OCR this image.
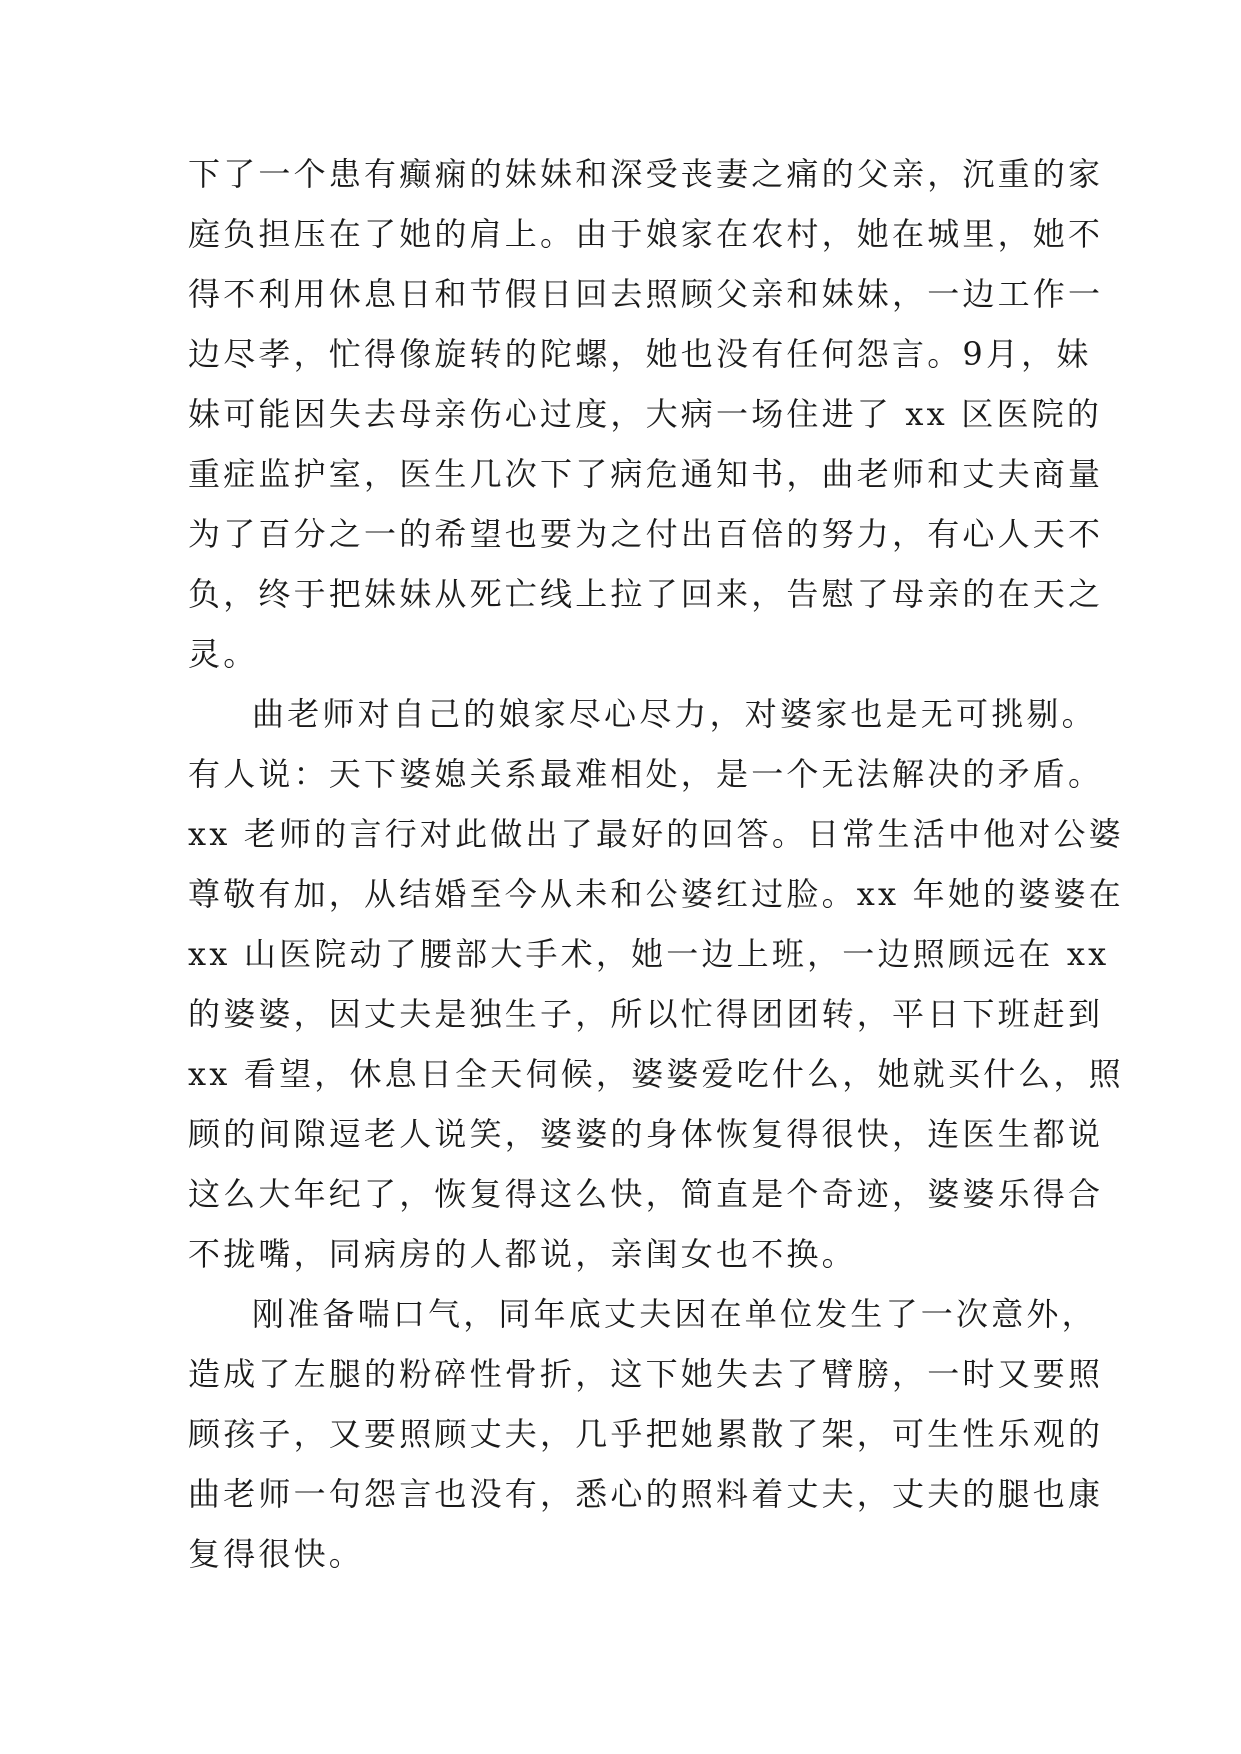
下了一个患有癫痫的妹妹和深受丧妻之痛的父亲，沉重的家
庭负担压在了她的肩上。由于娘家在农村，她在城里，她不
得不利用休息日和节假日回去照顾父亲和妹妹，一边工作一
边尽孝，忙得像旋转的陀螺，她也没有任何怨言。9月，妹
妹可能因失去母亲伤心过度，大病一场住进了 xx 区医院的
重症监护室，医生几次下了病危通知书，曲老师和丈夫商量
为了百分之一的希望也要为之付出百倍的努力，有心人天不
负，终于把妹妹从死亡线上拉了回来，告慰了母亲的在天之
灵。
曲老师对自己的娘家尽心尽力，对婆家也是无可挑剔。
有人说：天下婆媳关系最难相处，是一个无法解决的矛盾。
xx 老师的言行对此做出了最好的回答。日常生活中他对公婆
尊敬有加，从结婚至今从未和公婆红过脸。xx 年她的婆婆在
xx 山医院动了腰部大手术，她一边上班，一边照顾远在 xx
的婆婆，因丈夫是独生子，所以忙得团团转，平日下班赶到
xx 看望，休息日全天伺候，婆婆爱吃什么，她就买什么，照
顾的间隙逗老人说笑，婆婆的身体恢复得很快，连医生都说
这么大年纪了，恢复得这么快，简直是个奇迹，婆婆乐得合
不拢嘴，同病房的人都说，亲闺女也不换。
刚准备喘口气，同年底丈夫因在单位发生了一次意外，
造成了左腿的粉碎性骨折，这下她失去了臂膀，一时又要照
顾孩子，又要照顾丈夫，几乎把她累散了架，可生性乐观的
曲老师一句怨言也没有，悉心的照料着丈夫，丈夫的腿也康
复得很快。
